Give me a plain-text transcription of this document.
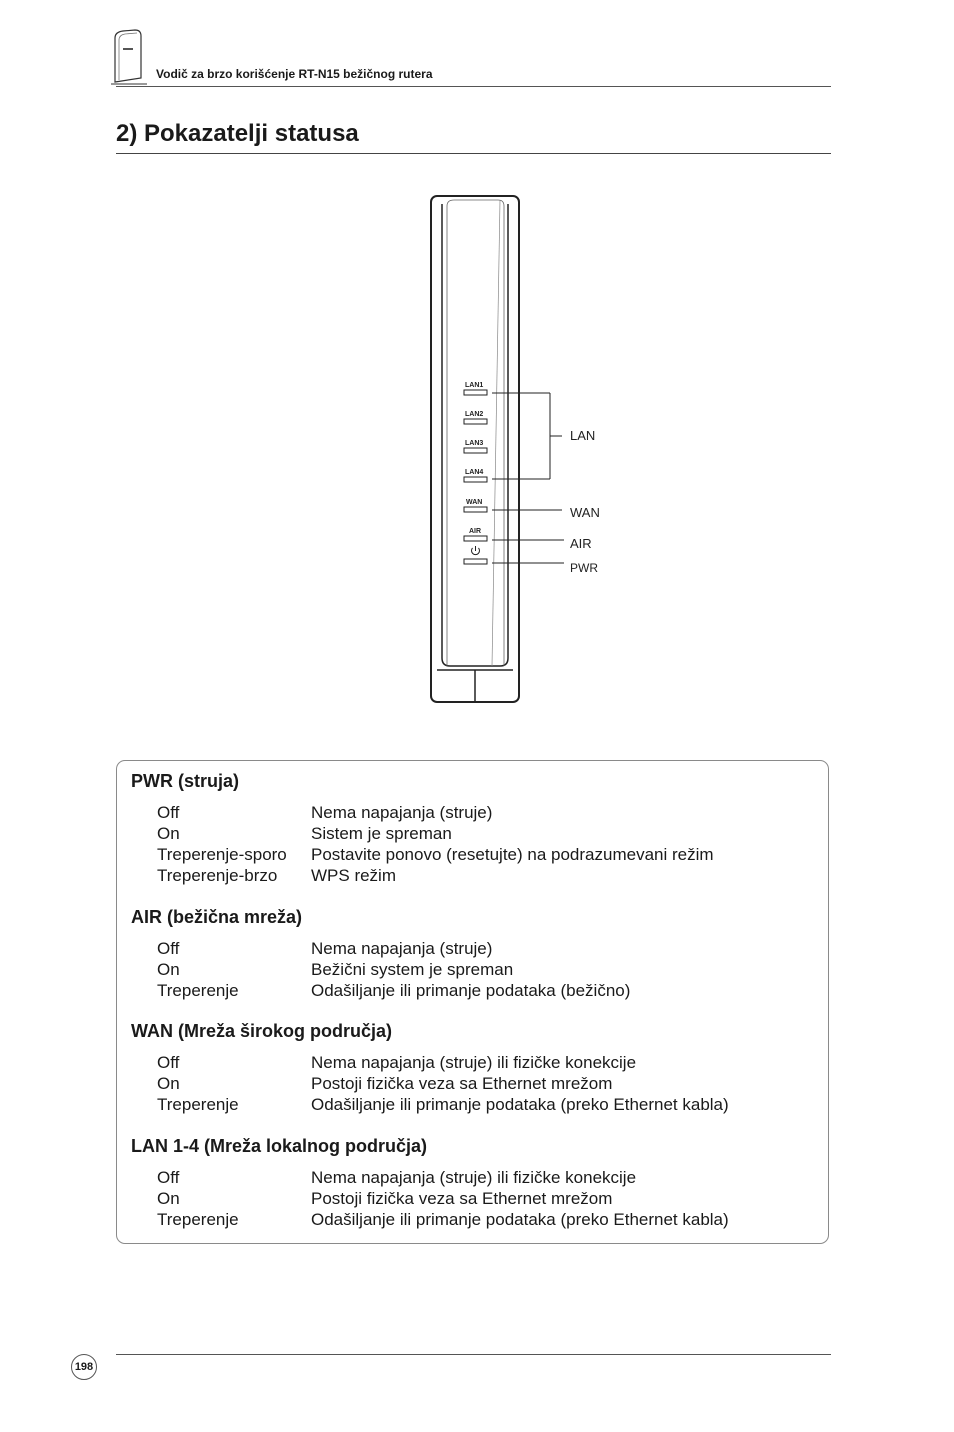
Vodič za brzo korišćenje RT-N15 bežičnog rutera
2) Pokazatelji statusa
LAN1
LAN2
LAN3
LAN4
WAN
AIR
LAN
WAN
AIR
PWR
PWR (struja)
Off	Nema napajanja (struje)
On	Sistem je spreman
Treperenje-sporo	Postavite ponovo (resetujte) na podrazumevani režim
Treperenje-brzo	WPS režim
AIR (bežična mreža)
Off	Nema napajanja (struje)
On	Bežični system je spreman
Treperenje	Odašiljanje ili primanje podataka (bežično)
WAN (Mreža širokog područja)
Off	Nema napajanja (struje) ili fizičke konekcije
On	Postoji fizička veza sa Ethernet mrežom
Treperenje	Odašiljanje ili primanje podataka (preko Ethernet kabla)
LAN 1-4 (Mreža lokalnog područja)
Off	Nema napajanja (struje) ili fizičke konekcije
On	Postoji fizička veza sa Ethernet mrežom
Treperenje	Odašiljanje ili primanje podataka (preko Ethernet kabla)
198
